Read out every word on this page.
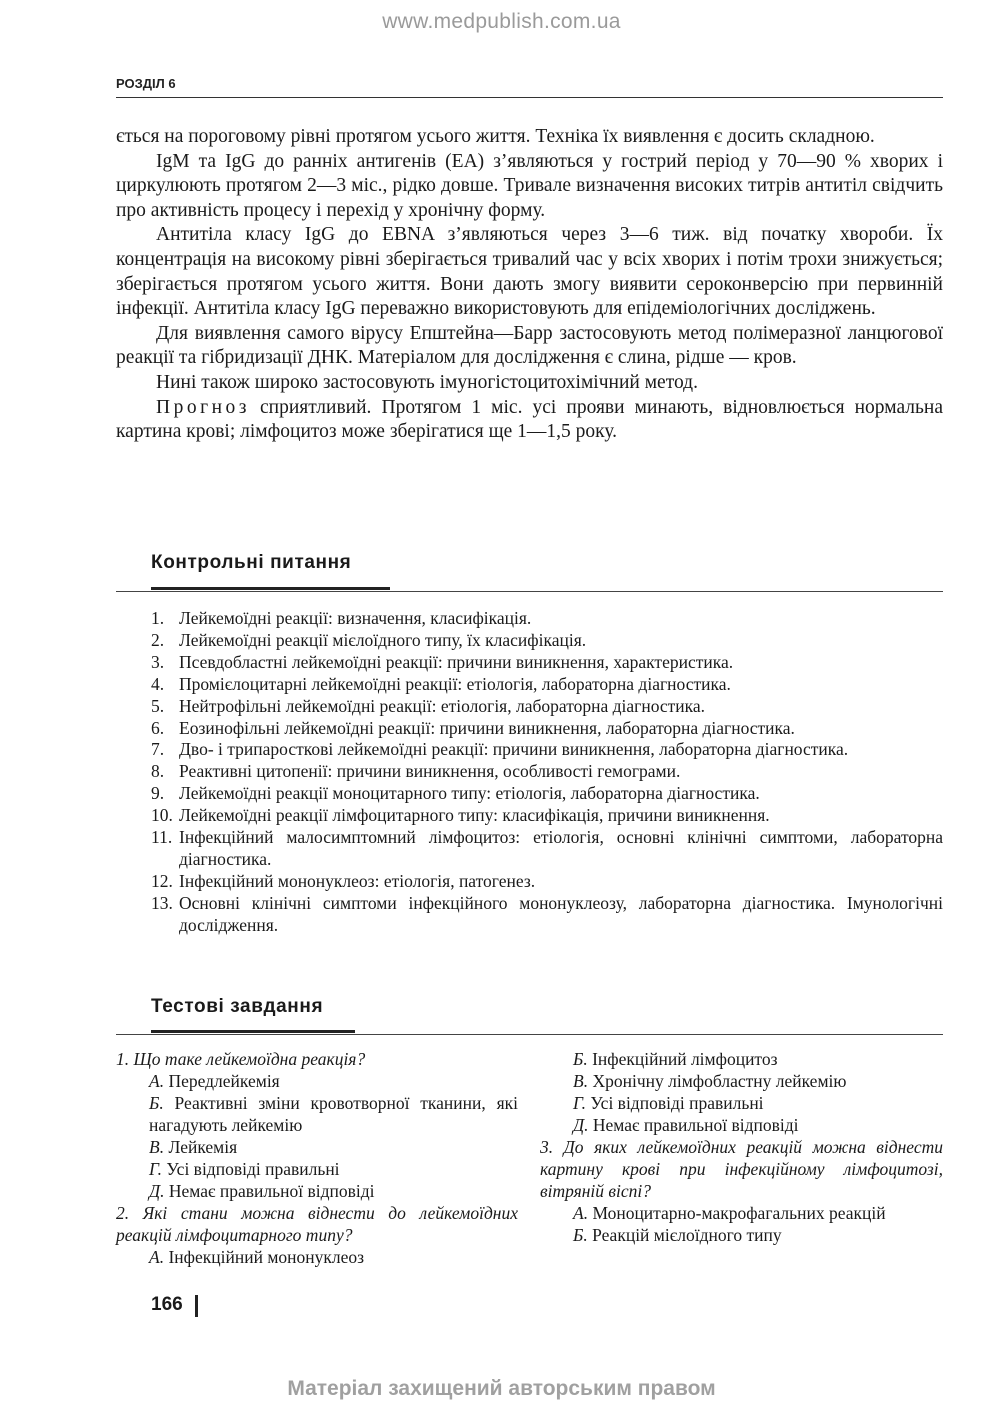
www.medpublish.com.ua
РОЗДІЛ 6

ється на пороговому рівні протягом усього життя. Техніка їх виявлення є досить складною.

IgM та IgG до ранніх антигенів (ЕА) з’являються у гострий період у 70—90 % хворих і циркулюють протягом 2—3 міс., рідко довше. Тривале визначення високих титрів антитіл свідчить про активність процесу і перехід у хронічну форму.

Антитіла класу IgG до EBNA з’являються через 3—6 тиж. від початку хвороби. Їх концентрація на високому рівні зберігається тривалий час у всіх хворих і потім трохи знижується; зберігається протягом усього життя. Вони дають змогу виявити сероконверсію при первинній інфекції. Антитіла класу IgG переважно використовують для епідеміологічних досліджень.

Для виявлення самого вірусу Епштейна—Барр застосовують метод полімеразної ланцюгової реакції та гібридизації ДНК. Матеріалом для дослідження є слина, рідше — кров.

Нині також широко застосовують імуногістоцитохімічний метод.

Прогноз сприятливий. Протягом 1 міс. усі прояви минають, відновлюється нормальна картина крові; лімфоцитоз може зберігатися ще 1—1,5 року.

Контрольні питання
1. Лейкемоїдні реакції: визначення, класифікація.
2. Лейкемоїдні реакції мієлоїдного типу, їх класифікація.
3. Псевдобластні лейкемоїдні реакції: причини виникнення, характеристика.
4. Промієлоцитарні лейкемоїдні реакції: етіологія, лабораторна діагностика.
5. Нейтрофільні лейкемоїдні реакції: етіологія, лабораторна діагностика.
6. Еозинофільні лейкемоїдні реакції: причини виникнення, лабораторна діагностика.
7. Дво- і трипаросткові лейкемоїдні реакції: причини виникнення, лабораторна діагностика.
8. Реактивні цитопенії: причини виникнення, особливості гемограми.
9. Лейкемоїдні реакції моноцитарного типу: етіологія, лабораторна діагностика.
10. Лейкемоїдні реакції лімфоцитарного типу: класифікація, причини виникнення.
11. Інфекційний малосимптомний лімфоцитоз: етіологія, основні клінічні симптоми, лабораторна діагностика.
12. Інфекційний мононуклеоз: етіологія, патогенез.
13. Основні клінічні симптоми інфекційного мононуклеозу, лабораторна діагностика. Імунологічні дослідження.
Тестові завдання
1. Що таке лейкемоїдна реакція?
А. Передлейкемія
Б. Реактивні зміни кровотворної тканини, які нагадують лейкемію
В. Лейкемія
Г. Усі відповіді правильні
Д. Немає правильної відповіді
2. Які стани можна віднести до лейкемоїдних реакцій лімфоцитарного типу?
А. Інфекційний мононуклеоз
Б. Інфекційний лімфоцитоз
В. Хронічну лімфобластну лейкемію
Г. Усі відповіді правильні
Д. Немає правильної відповіді
3. До яких лейкемоїдних реакцій можна віднести картину крові при інфекційному лімфоцитозі, вітряній віспі?
А. Моноцитарно-макрофагальних реакцій
Б. Реакцій мієлоїдного типу
166
Матеріал захищений авторським правом
